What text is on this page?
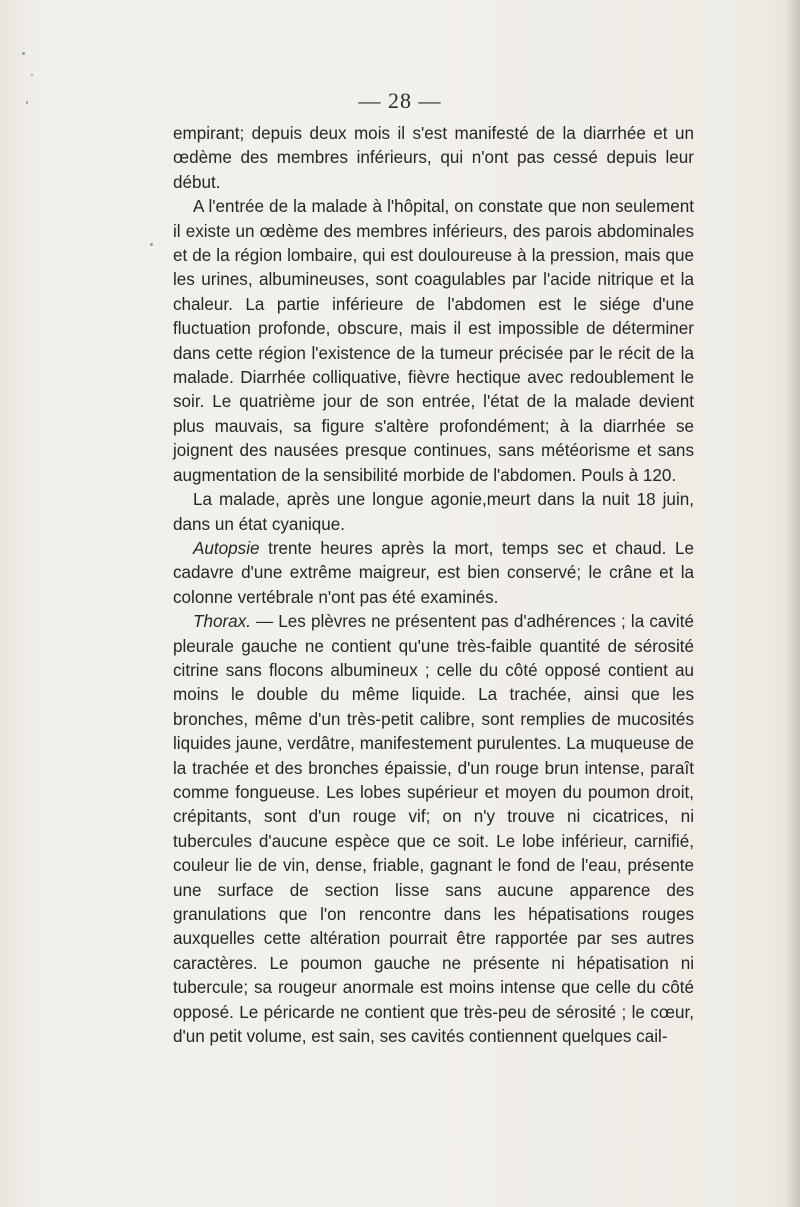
— 28 —

empirant; depuis deux mois il s'est manifesté de la diarrhée et un œdème des membres inférieurs, qui n'ont pas cessé depuis leur début.

A l'entrée de la malade à l'hôpital, on constate que non seulement il existe un œdème des membres inférieurs, des parois abdominales et de la région lombaire, qui est douloureuse à la pression, mais que les urines, albumineuses, sont coagulables par l'acide nitrique et la chaleur. La partie inférieure de l'abdomen est le siége d'une fluctuation profonde, obscure, mais il est impossible de déterminer dans cette région l'existence de la tumeur précisée par le récit de la malade. Diarrhée colliquative, fièvre hectique avec redoublement le soir. Le quatrième jour de son entrée, l'état de la malade devient plus mauvais, sa figure s'altère profondément; à la diarrhée se joignent des nausées presque continues, sans météorisme et sans augmentation de la sensibilité morbide de l'abdomen. Pouls à 120.

La malade, après une longue agonie,meurt dans la nuit 18 juin, dans un état cyanique.

Autopsie trente heures après la mort, temps sec et chaud. Le cadavre d'une extrême maigreur, est bien conservé; le crâne et la colonne vertébrale n'ont pas été examinés.

Thorax. — Les plèvres ne présentent pas d'adhérences ; la cavité pleurale gauche ne contient qu'une très-faible quantité de sérosité citrine sans flocons albumineux ; celle du côté opposé contient au moins le double du même liquide. La trachée, ainsi que les bronches, même d'un très-petit calibre, sont remplies de mucosités liquides jaune, verdâtre, manifestement purulentes. La muqueuse de la trachée et des bronches épaissie, d'un rouge brun intense, paraît comme fongueuse. Les lobes supérieur et moyen du poumon droit, crépitants, sont d'un rouge vif; on n'y trouve ni cicatrices, ni tubercules d'aucune espèce que ce soit. Le lobe inférieur, carnifié, couleur lie de vin, dense, friable, gagnant le fond de l'eau, présente une surface de section lisse sans aucune apparence des granulations que l'on rencontre dans les hépatisations rouges auxquelles cette altération pourrait être rapportée par ses autres caractères. Le poumon gauche ne présente ni hépatisation ni tubercule; sa rougeur anormale est moins intense que celle du côté opposé. Le péricarde ne contient que très-peu de sérosité ; le cœur, d'un petit volume, est sain, ses cavités contiennent quelques cail-
